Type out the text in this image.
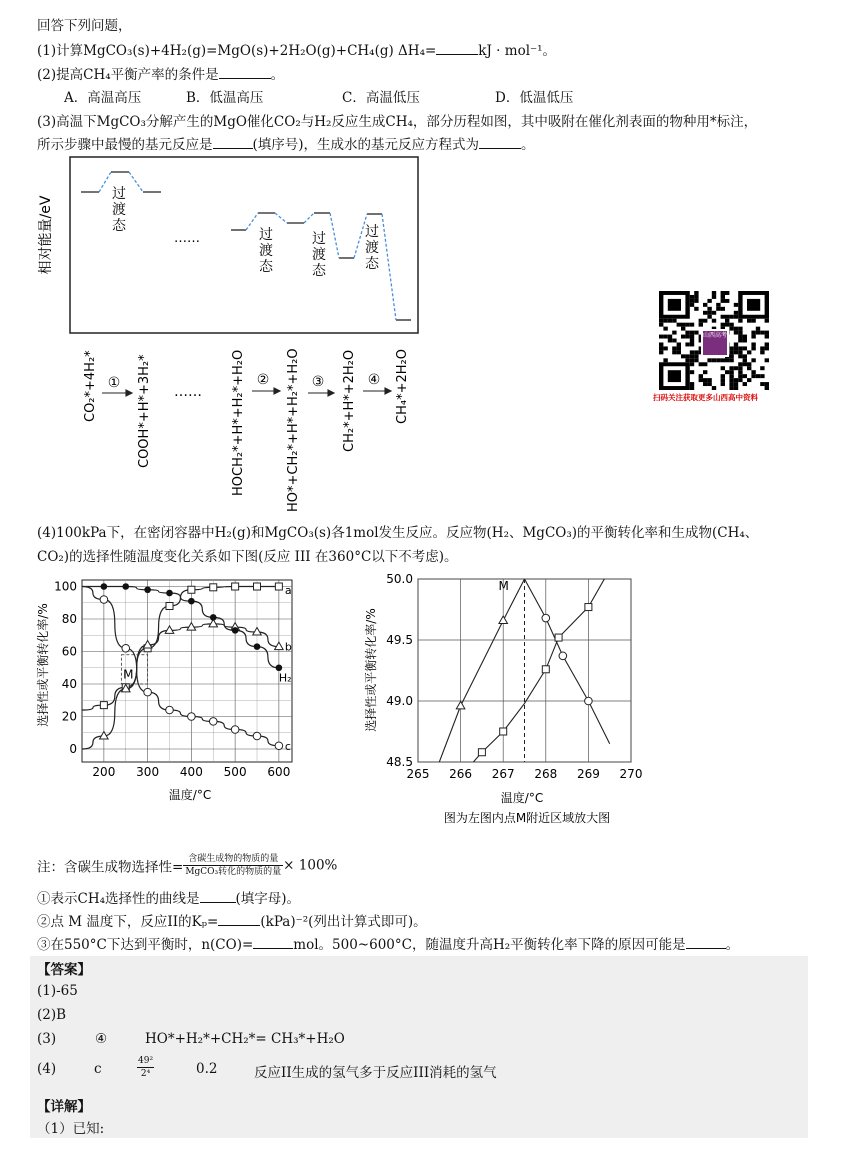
回答下列问题，
(1)计算MgCO₃(s)+4H₂(g)=MgO(s)+2H₂O(g)+CH₄(g) ΔH₄=	kJ · mol⁻¹。
(2)提高CH₄平衡产率的条件是	。
A．高温高压	B．低温高压	C．高温低压	D．低温低压
(3)高温下MgCO₃分解产生的MgO催化CO₂与H₂反应生成CH₄，部分历程如图，其中吸附在催化剂表面的物种用*标注，
所示步骤中最慢的基元反应是	(填序号)，生成水的基元反应方程式为	。
相对能量/eV
过
渡
态
过
渡
态
过
渡
态
过
渡
态
……
CO₂*+4H₂*	COOH*+H*+3H₂*	HOCH₂*+H*+H₂*+H₂O	HO*+CH₂*+H*+H₂*+H₂O	CH₂*+H*+2H₂O	CH₄*+2H₂O
①	②	③	④
……
山西高考
扫码关注获取更多山西高中资料
(4)100kPa下，在密闭容器中H₂(g)和MgCO₃(s)各1mol发生反应。反应物(H₂、MgCO₃)的平衡转化率和生成物(CH₄、
CO₂)的选择性随温度变化关系如下图(反应 III 在360°C以下不考虑)。
选择性或平衡转化率/%
温度/°C
200 300 400 500 600
0
20
40
60
80
100	a
b
H₂
c
M	选择性或平衡转化率/%
温度/°C
图为左图内点M附近区域放大图
265 266 267 268 269 270
48.5
49.0
49.5
50.0	M
注：含碳生成物选择性=
含碳生成物的物质的量
MgCO₃转化的物质的量 × 100%
①表示CH₄选择性的曲线是	(填字母)。
②点 M 温度下，反应II的Kₚ=	(kPa)⁻²(列出计算式即可)。
③在550°C下达到平衡时，n(CO)=	mol。500~600°C，随温度升高H₂平衡转化率下降的原因可能是	。
【答案】
(1)-65
(2)B
(3)	④	HO*+H₂*+CH₂*= CH₃*+H₂O
(4)	c	$\frac{\text{49²}}{\text{2⁴}}$	0.2	反应II生成的氢气多于反应III消耗的氢气
【详解】
（1）已知:
